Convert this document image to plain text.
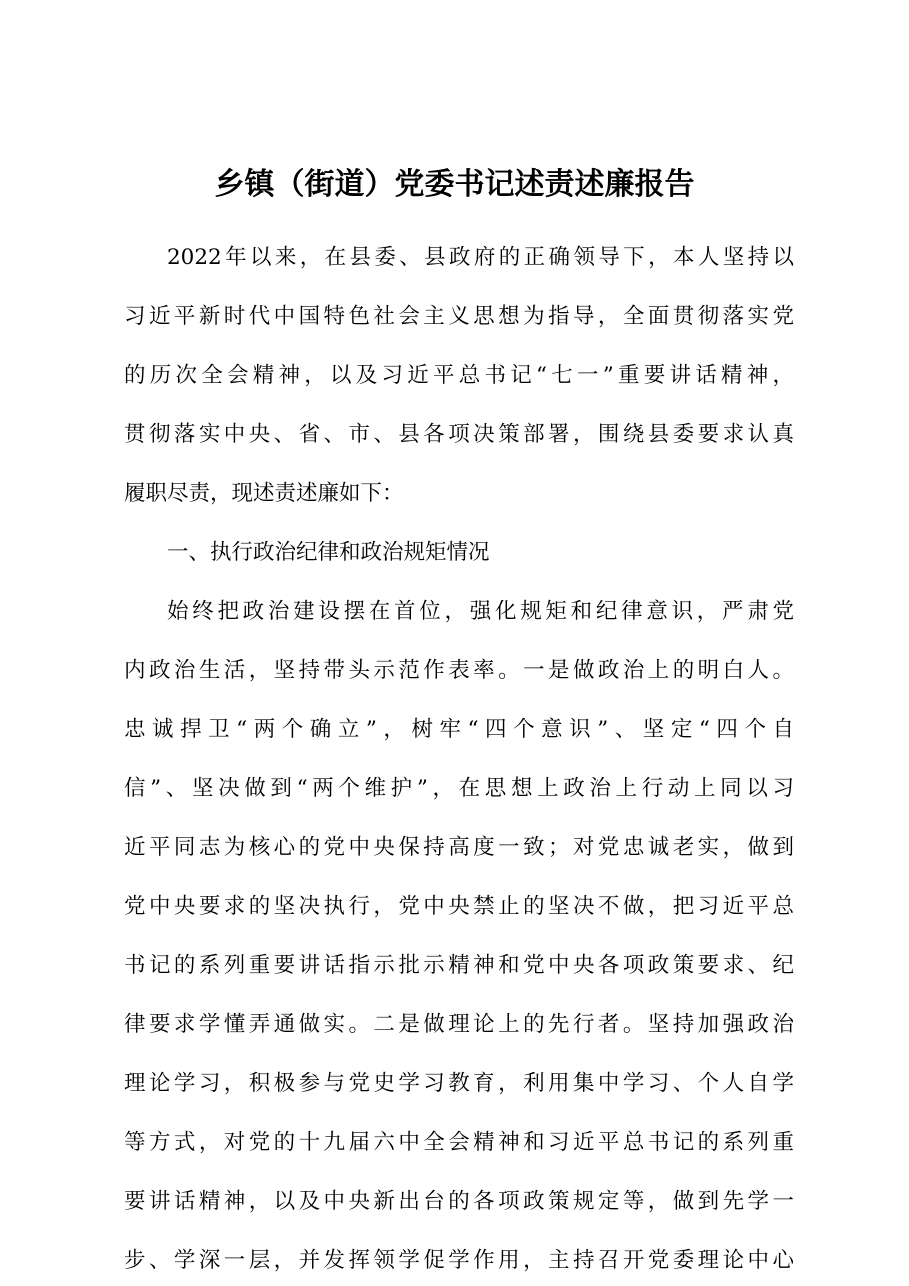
乡镇（街道）党委书记述责述廉报告
2022年以来，在县委、县政府的正确领导下，本人坚持以
习近平新时代中国特色社会主义思想为指导，全面贯彻落实党
的历次全会精神，以及习近平总书记“七一”重要讲话精神，
贯彻落实中央、省、市、县各项决策部署，围绕县委要求认真
履职尽责，现述责述廉如下：
一、执行政治纪律和政治规矩情况
始终把政治建设摆在首位，强化规矩和纪律意识，严肃党
内政治生活，坚持带头示范作表率。一是做政治上的明白人。
忠诚捍卫“两个确立”，树牢“四个意识”、坚定“四个自
信”、坚决做到“两个维护”，在思想上政治上行动上同以习
近平同志为核心的党中央保持高度一致；对党忠诚老实，做到
党中央要求的坚决执行，党中央禁止的坚决不做，把习近平总
书记的系列重要讲话指示批示精神和党中央各项政策要求、纪
律要求学懂弄通做实。二是做理论上的先行者。坚持加强政治
理论学习，积极参与党史学习教育，利用集中学习、个人自学
等方式，对党的十九届六中全会精神和习近平总书记的系列重
要讲话精神，以及中央新出台的各项政策规定等，做到先学一
步、学深一层，并发挥领学促学作用，主持召开党委理论中心
